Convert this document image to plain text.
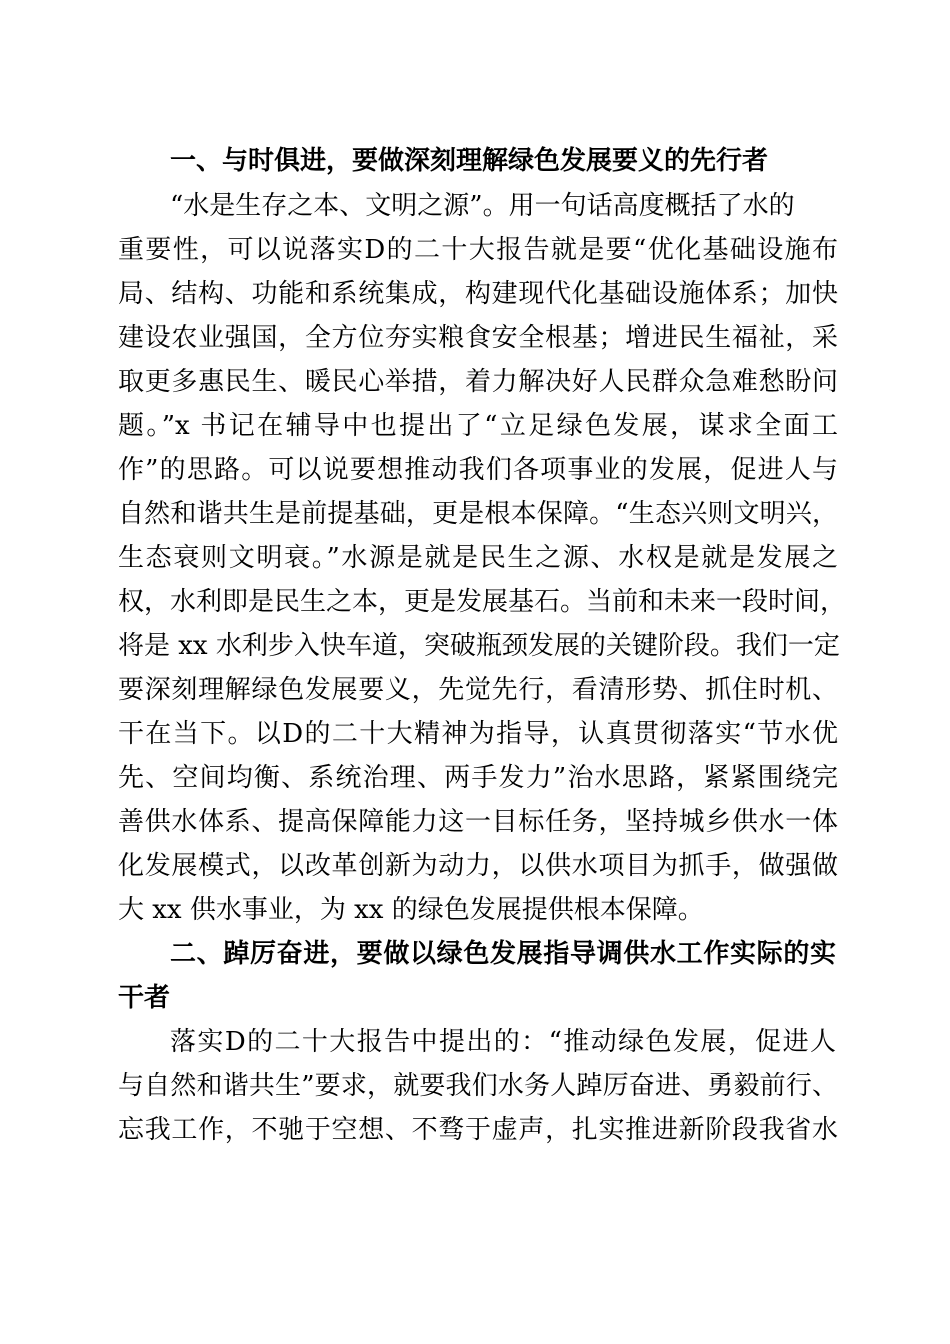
一、与时俱进，要做深刻理解绿色发展要义的先行者
“水是生存之本、文明之源”。用一句话高度概括了水的
重要性，可以说落实D的二十大报告就是要“优化基础设施布
局、结构、功能和系统集成，构建现代化基础设施体系；加快
建设农业强国，全方位夯实粮食安全根基；增进民生福祉，采
取更多惠民生、暖民心举措，着力解决好人民群众急难愁盼问
题。”x 书记在辅导中也提出了“立足绿色发展，谋求全面工
作”的思路。可以说要想推动我们各项事业的发展，促进人与
自然和谐共生是前提基础，更是根本保障。“生态兴则文明兴，
生态衰则文明衰。”水源是就是民生之源、水权是就是发展之
权，水利即是民生之本，更是发展基石。当前和未来一段时间，
将是 xx 水利步入快车道，突破瓶颈发展的关键阶段。我们一定
要深刻理解绿色发展要义，先觉先行，看清形势、抓住时机、
干在当下。以D的二十大精神为指导，认真贯彻落实“节水优
先、空间均衡、系统治理、两手发力”治水思路，紧紧围绕完
善供水体系、提高保障能力这一目标任务，坚持城乡供水一体
化发展模式，以改革创新为动力，以供水项目为抓手，做强做
大 xx 供水事业，为 xx 的绿色发展提供根本保障。
二、踔厉奋进，要做以绿色发展指导调供水工作实际的实
干者
落实D的二十大报告中提出的：“推动绿色发展，促进人
与自然和谐共生”要求，就要我们水务人踔厉奋进、勇毅前行、
忘我工作，不驰于空想、不骛于虚声，扎实推进新阶段我省水
